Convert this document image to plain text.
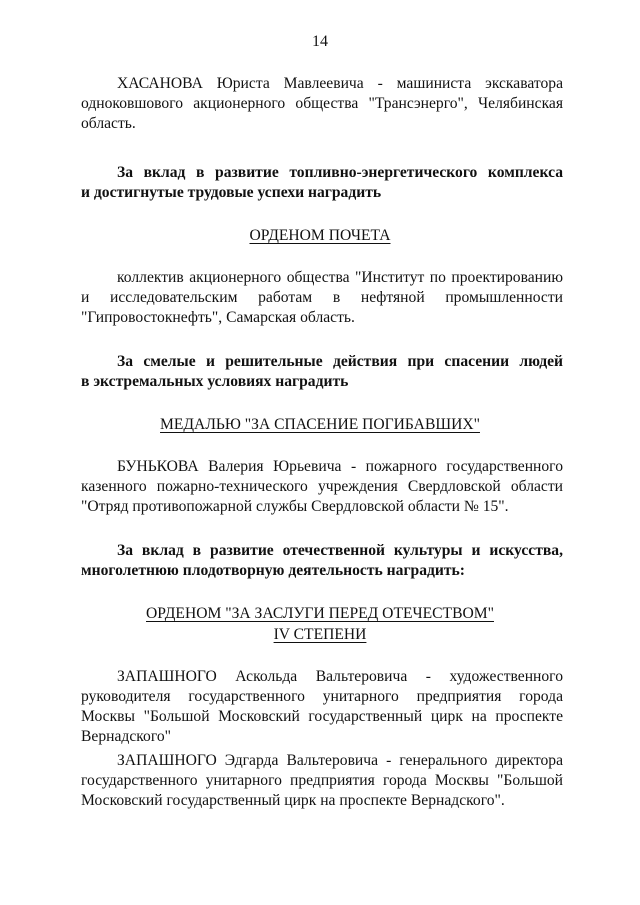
14
ХАСАНОВА Юриста Мавлеевича - машиниста экскаватора
одноковшового акционерного общества "Трансэнерго", Челябинская
область.
За вклад в развитие топливно-энергетического комплекса
и достигнутые трудовые успехи наградить
ОРДЕНОМ ПОЧЕТА
коллектив акционерного общества "Институт по проектированию
и исследовательским работам в нефтяной промышленности
"Гипровостокнефть", Самарская область.
За смелые и решительные действия при спасении людей
в экстремальных условиях наградить
МЕДАЛЬЮ "ЗА СПАСЕНИЕ ПОГИБАВШИХ"
БУНЬКОВА Валерия Юрьевича - пожарного государственного
казенного пожарно-технического учреждения Свердловской области
"Отряд противопожарной службы Свердловской области № 15".
За вклад в развитие отечественной культуры и искусства,
многолетнюю плодотворную деятельность наградить:
ОРДЕНОМ "ЗА ЗАСЛУГИ ПЕРЕД ОТЕЧЕСТВОМ"
IV СТЕПЕНИ
ЗАПАШНОГО Аскольда Вальтеровича - художественного
руководителя государственного унитарного предприятия города
Москвы "Большой Московский государственный цирк на проспекте
Вернадского"
ЗАПАШНОГО Эдгарда Вальтеровича - генерального директора
государственного унитарного предприятия города Москвы "Большой
Московский государственный цирк на проспекте Вернадского".
